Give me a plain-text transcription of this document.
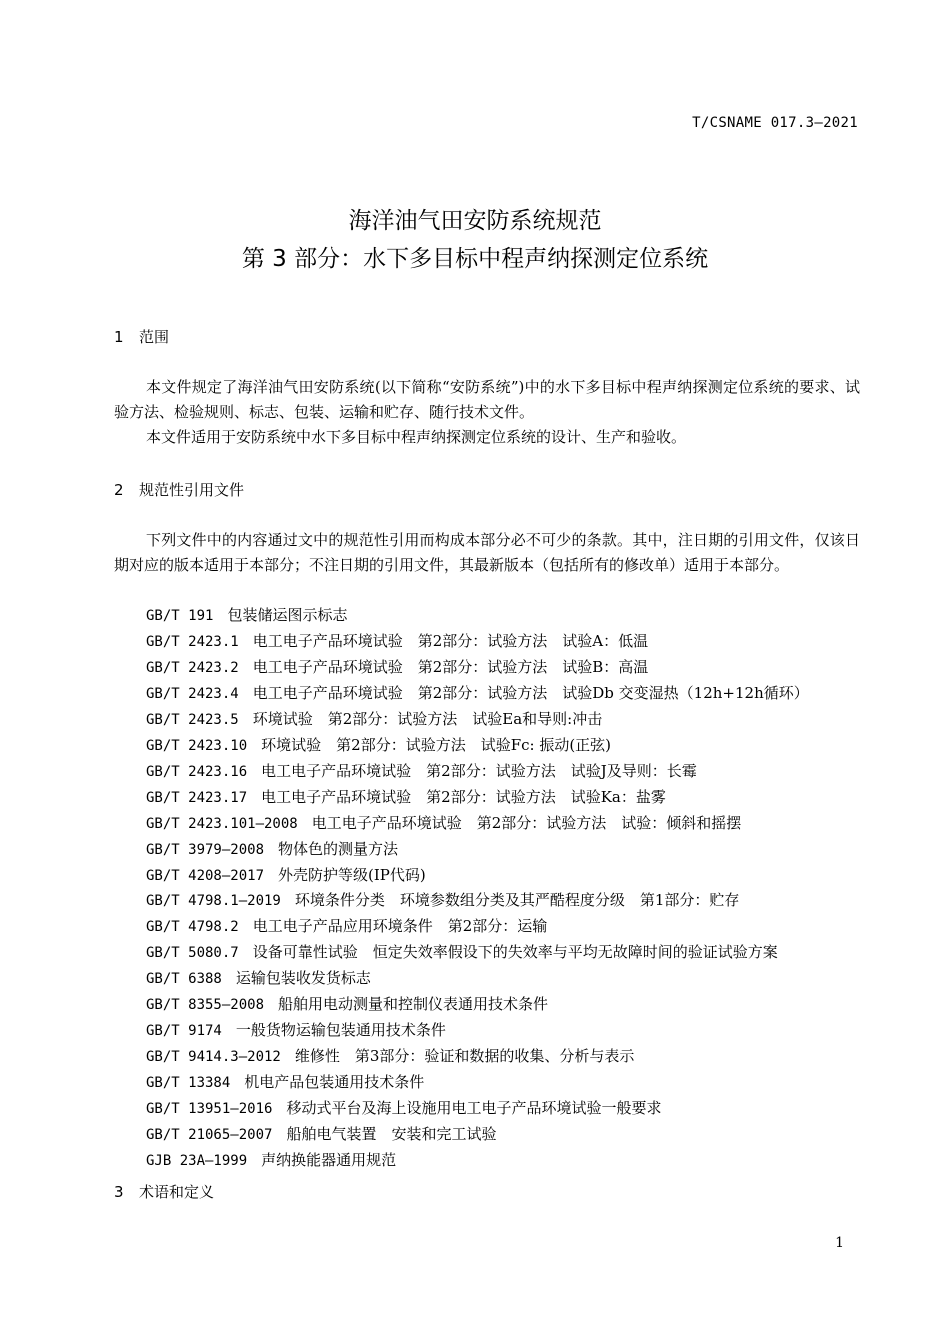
T/CSNAME 017.3—2021
海洋油气田安防系统规范
第 3 部分：水下多目标中程声纳探测定位系统
1 范围
本文件规定了海洋油气田安防系统(以下简称“安防系统”)中的水下多目标中程声纳探测定位系统的要求、试验方法、检验规则、标志、包装、运输和贮存、随行技术文件。
本文件适用于安防系统中水下多目标中程声纳探测定位系统的设计、生产和验收。
2 规范性引用文件
下列文件中的内容通过文中的规范性引用而构成本部分必不可少的条款。其中，注日期的引用文件，仅该日期对应的版本适用于本部分；不注日期的引用文件，其最新版本（包括所有的修改单）适用于本部分。
GB/T 191 包装储运图示标志
GB/T 2423.1 电工电子产品环境试验　第2部分：试验方法　试验A：低温
GB/T 2423.2 电工电子产品环境试验　第2部分：试验方法　试验B：高温
GB/T 2423.4 电工电子产品环境试验　第2部分：试验方法　试验Db 交变湿热（12h+12h循环）
GB/T 2423.5 环境试验　第2部分：试验方法　试验Ea和导则:冲击
GB/T 2423.10 环境试验　第2部分：试验方法　试验Fc: 振动(正弦)
GB/T 2423.16 电工电子产品环境试验　第2部分：试验方法　试验J及导则：长霉
GB/T 2423.17 电工电子产品环境试验　第2部分：试验方法　试验Ka：盐雾
GB/T 2423.101—2008 电工电子产品环境试验　第2部分：试验方法　试验：倾斜和摇摆
GB/T 3979—2008 物体色的测量方法
GB/T 4208—2017 外壳防护等级(IP代码)
GB/T 4798.1—2019 环境条件分类　环境参数组分类及其严酷程度分级　第1部分：贮存
GB/T 4798.2 电工电子产品应用环境条件　第2部分：运输
GB/T 5080.7 设备可靠性试验　恒定失效率假设下的失效率与平均无故障时间的验证试验方案
GB/T 6388 运输包装收发货标志
GB/T 8355—2008 船舶用电动测量和控制仪表通用技术条件
GB/T 9174 一般货物运输包装通用技术条件
GB/T 9414.3—2012 维修性　第3部分：验证和数据的收集、分析与表示
GB/T 13384 机电产品包装通用技术条件
GB/T 13951—2016 移动式平台及海上设施用电工电子产品环境试验一般要求
GB/T 21065—2007 船舶电气装置　安装和完工试验
GJB 23A—1999 声纳换能器通用规范
3 术语和定义
1
